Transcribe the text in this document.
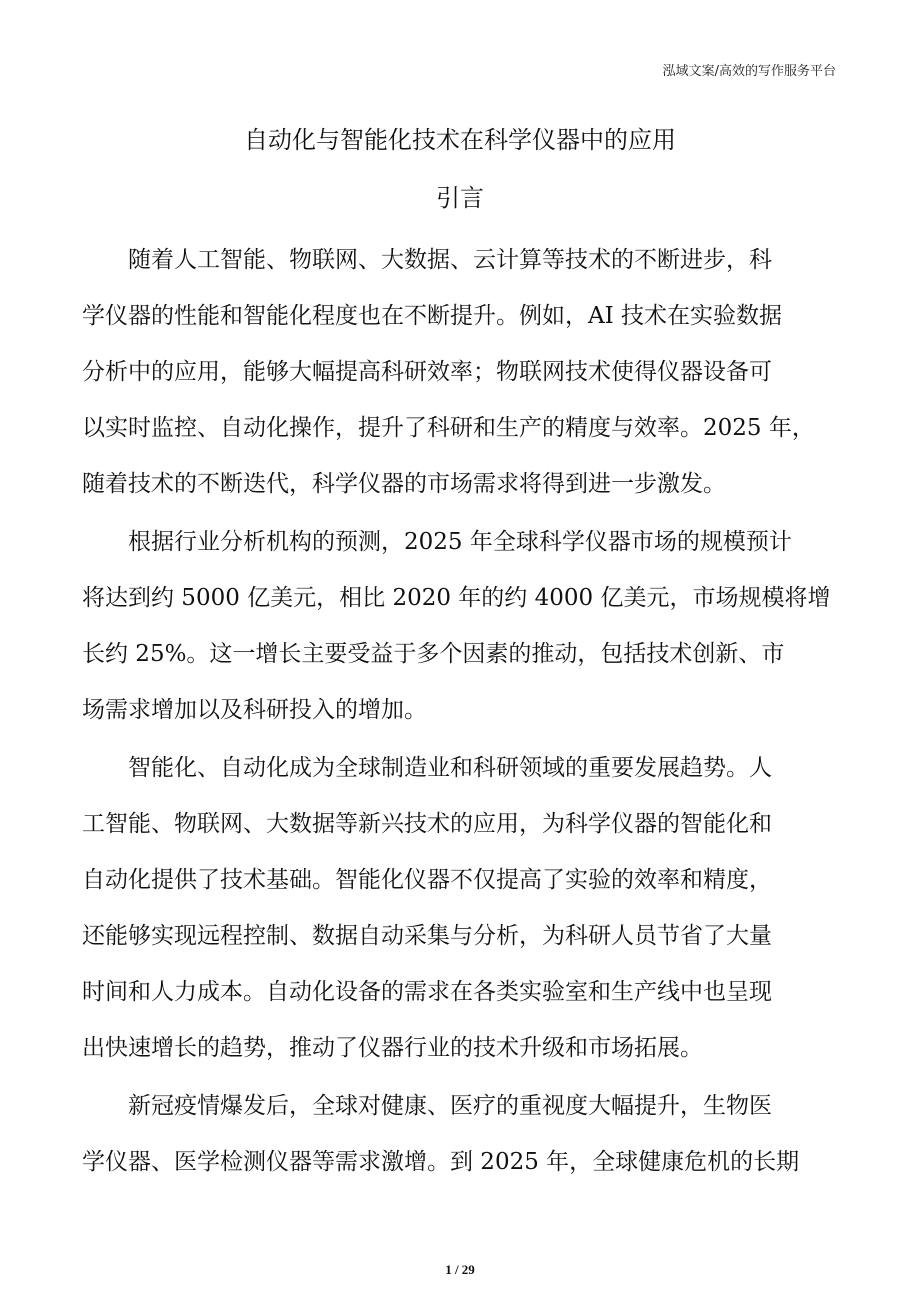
泓域文案/高效的写作服务平台
自动化与智能化技术在科学仪器中的应用
引言

随着人工智能、物联网、大数据、云计算等技术的不断进步，科
学仪器的性能和智能化程度也在不断提升。例如，AI 技术在实验数据
分析中的应用，能够大幅提高科研效率；物联网技术使得仪器设备可
以实时监控、自动化操作，提升了科研和生产的精度与效率。2025 年，
随着技术的不断迭代，科学仪器的市场需求将得到进一步激发。

根据行业分析机构的预测，2025 年全球科学仪器市场的规模预计
将达到约 5000 亿美元，相比 2020 年的约 4000 亿美元，市场规模将增
长约 25%。这一增长主要受益于多个因素的推动，包括技术创新、市
场需求增加以及科研投入的增加。

智能化、自动化成为全球制造业和科研领域的重要发展趋势。人
工智能、物联网、大数据等新兴技术的应用，为科学仪器的智能化和
自动化提供了技术基础。智能化仪器不仅提高了实验的效率和精度，
还能够实现远程控制、数据自动采集与分析，为科研人员节省了大量
时间和人力成本。自动化设备的需求在各类实验室和生产线中也呈现
出快速增长的趋势，推动了仪器行业的技术升级和市场拓展。

新冠疫情爆发后，全球对健康、医疗的重视度大幅提升，生物医
学仪器、医学检测仪器等需求激增。到 2025 年，全球健康危机的长期

1 / 29
